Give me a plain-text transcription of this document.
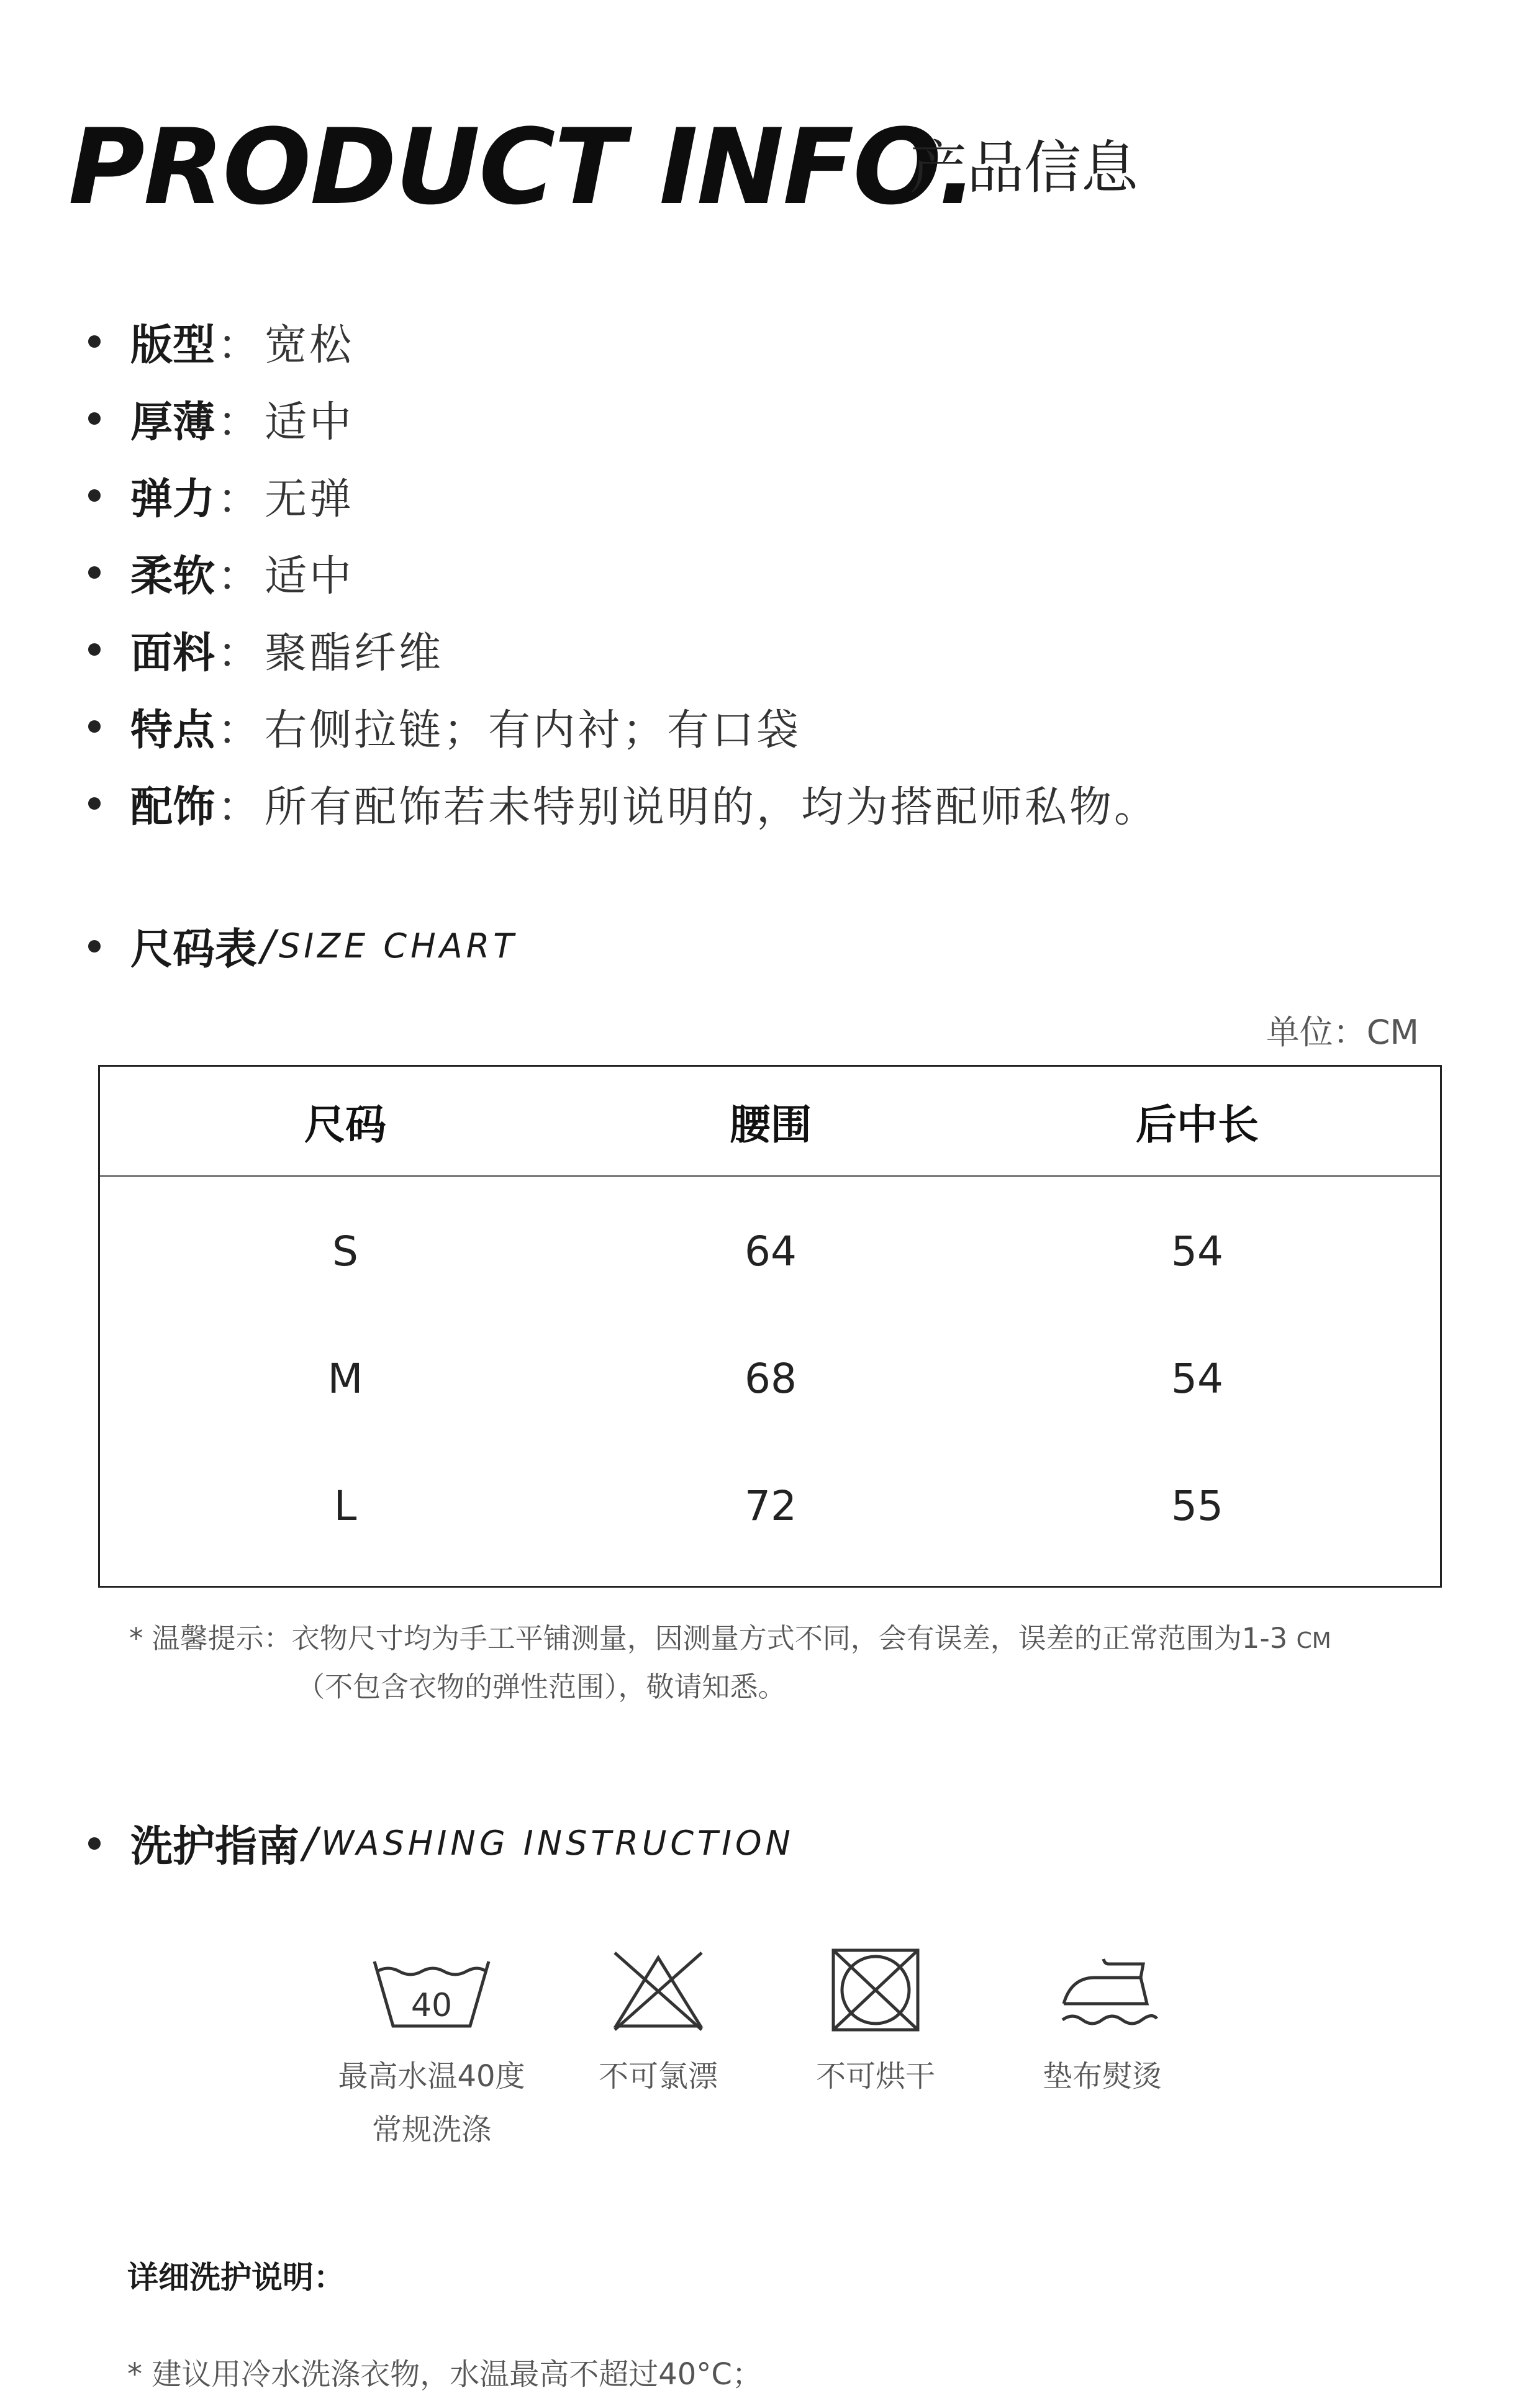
PRODUCT INFO.
产品信息
版型 ： 宽松
厚薄 ： 适中
弹力 ： 无弹
柔软 ： 适中
面料 ： 聚酯纤维
特点 ： 右侧拉链；有内衬；有口袋
配饰 ： 所有配饰若未特别说明的，均为搭配师私物。
尺码表 / SIZE CHART
单位：CM
尺码	腰围	后中长
S	64	54
M	68	54
L	72	55
* 温馨提示：衣物尺寸均为手工平铺测量，因测量方式不同，会有误差，误差的正常范围为1-3 CM
（不包含衣物的弹性范围），敬请知悉。
洗护指南 / WASHING INSTRUCTION
40
最高水温40度
常规洗涤
不可氯漂	不可烘干	垫布熨烫
详细洗护说明：
* 建议用冷水洗涤衣物，水温最高不超过40°C；
